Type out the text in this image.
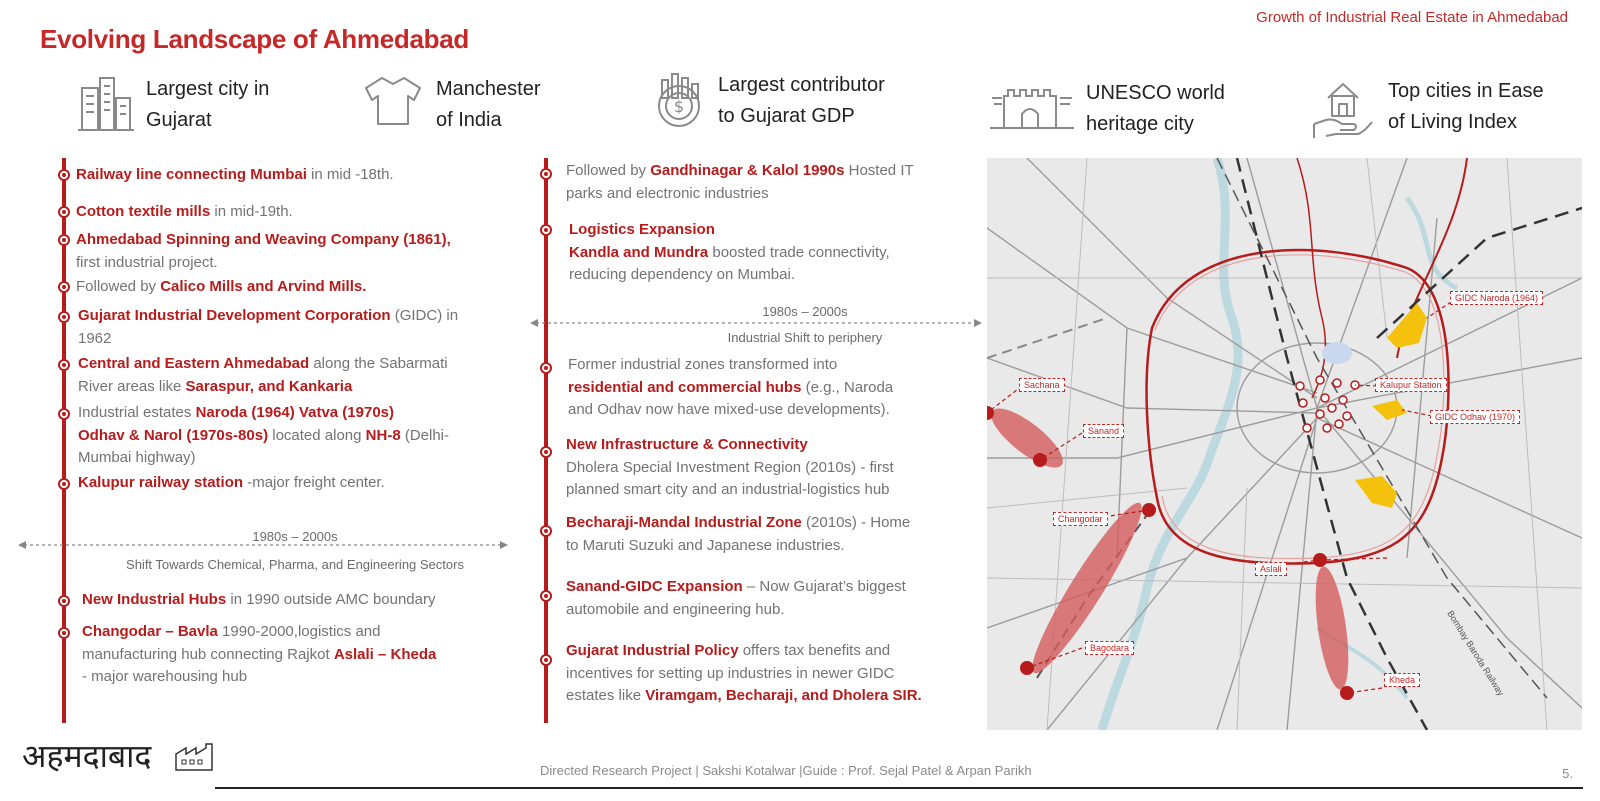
Growth of Industrial Real Estate in Ahmedabad
Evolving Landscape of Ahmedabad
Largest city in
Gujarat
Manchester
of India
$
Largest contributor
to Gujarat GDP
UNESCO world
heritage city
Top cities in Ease
of Living Index
Railway line connecting Mumbai in mid -18th.
Cotton textile mills in mid-19th.
Ahmedabad Spinning and Weaving Company (1861),
first industrial project.
Followed by Calico Mills and Arvind Mills.
Gujarat Industrial Development Corporation (GIDC) in
1962
Central and Eastern Ahmedabad along the Sabarmati
River areas like Saraspur, and Kankaria
Industrial estates Naroda (1964) Vatva (1970s)
Odhav & Narol (1970s-80s) located along NH-8 (Delhi-
Mumbai highway)
Kalupur railway station -major freight center.
New Industrial Hubs in 1990 outside AMC boundary
Changodar – Bavla 1990-2000,logistics and
manufacturing hub connecting Rajkot Aslali – Kheda
- major warehousing hub
1980s – 2000s
Shift Towards Chemical, Pharma, and Engineering Sectors
Followed by Gandhinagar & Kalol 1990s Hosted IT
parks and electronic industries
Logistics Expansion
Kandla and Mundra boosted trade connectivity,
reducing dependency on Mumbai.
Former industrial zones transformed into
residential and commercial hubs (e.g., Naroda
and Odhav now have mixed-use developments).
New Infrastructure & Connectivity
Dholera Special Investment Region (2010s) - first
planned smart city and an industrial-logistics hub
Becharaji-Mandal Industrial Zone (2010s) - Home
to Maruti Suzuki and Japanese industries.
Sanand-GIDC Expansion – Now Gujarat’s biggest
automobile and engineering hub.
Gujarat Industrial Policy offers tax benefits and
incentives for setting up industries in newer GIDC
estates like Viramgam, Becharaji, and Dholera SIR.
1980s – 2000s
Industrial Shift to periphery
Bombay Baroda Railway
GIDC Naroda (1964)
Kalupur Station
GIDC Odhav (1970)
Sachana
Sanand
Changodar
Aslali
Bagodara
Kheda
अहमदाबाद	Directed Research Project | Sakshi Kotalwar |Guide : Prof. Sejal Patel & Arpan Parikh	5.
